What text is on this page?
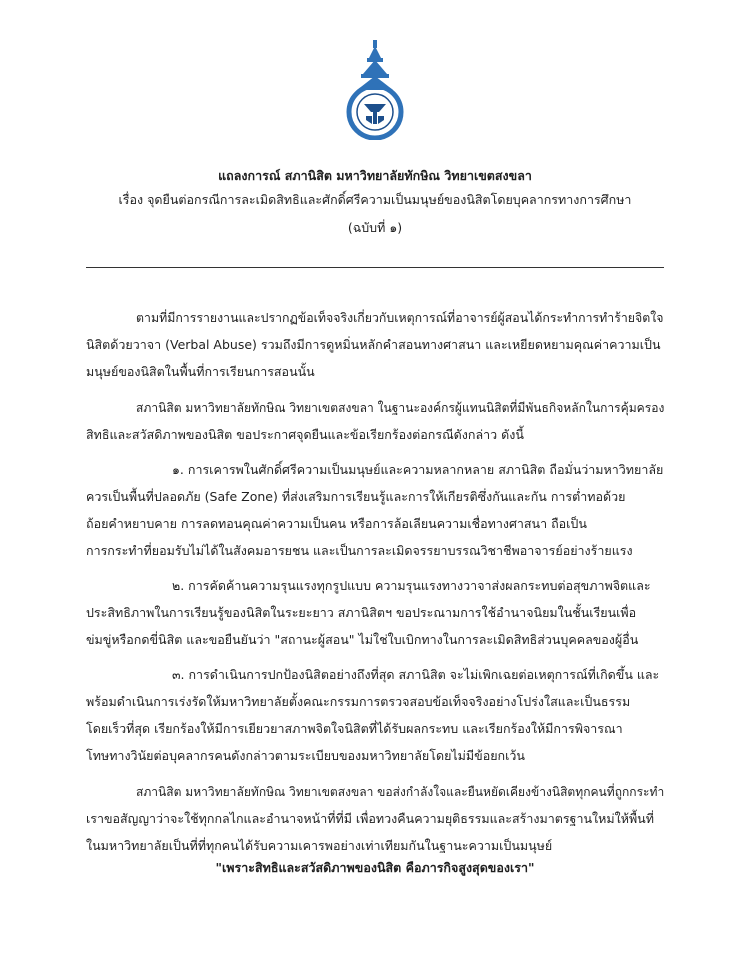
แถลงการณ์ สภานิสิต มหาวิทยาลัยทักษิณ วิทยาเขตสงขลา
เรื่อง จุดยืนต่อกรณีการละเมิดสิทธิและศักดิ์ศรีความเป็นมนุษย์ของนิสิตโดยบุคลากรทางการศึกษา
(ฉบับที่ ๑)
ตามที่มีการรายงานและปรากฏข้อเท็จจริงเกี่ยวกับเหตุการณ์ที่อาจารย์ผู้สอนได้กระทำการทำร้ายจิตใจ
นิสิตด้วยวาจา (Verbal Abuse) รวมถึงมีการดูหมิ่นหลักคำสอนทางศาสนา และเหยียดหยามคุณค่าความเป็น
มนุษย์ของนิสิตในพื้นที่การเรียนการสอนนั้น
สภานิสิต มหาวิทยาลัยทักษิณ วิทยาเขตสงขลา ในฐานะองค์กรผู้แทนนิสิตที่มีพันธกิจหลักในการคุ้มครอง
สิทธิและสวัสดิภาพของนิสิต ขอประกาศจุดยืนและข้อเรียกร้องต่อกรณีดังกล่าว ดังนี้
๑. การเคารพในศักดิ์ศรีความเป็นมนุษย์และความหลากหลาย สภานิสิต ถือมั่นว่ามหาวิทยาลัย
ควรเป็นพื้นที่ปลอดภัย (Safe Zone) ที่ส่งเสริมการเรียนรู้และการให้เกียรติซึ่งกันและกัน การต่ำทอด้วย
ถ้อยคำหยาบคาย การลดทอนคุณค่าความเป็นคน หรือการล้อเลียนความเชื่อทางศาสนา ถือเป็น
การกระทำที่ยอมรับไม่ได้ในสังคมอารยชน และเป็นการละเมิดจรรยาบรรณวิชาชีพอาจารย์อย่างร้ายแรง
๒. การคัดค้านความรุนแรงทุกรูปแบบ ความรุนแรงทางวาจาส่งผลกระทบต่อสุขภาพจิตและ
ประสิทธิภาพในการเรียนรู้ของนิสิตในระยะยาว สภานิสิตฯ ขอประณามการใช้อำนาจนิยมในชั้นเรียนเพื่อ
ข่มขู่หรือกดขี่นิสิต และขอยืนยันว่า "สถานะผู้สอน" ไม่ใช่ใบเบิกทางในการละเมิดสิทธิส่วนบุคคลของผู้อื่น
๓. การดำเนินการปกป้องนิสิตอย่างถึงที่สุด สภานิสิต จะไม่เพิกเฉยต่อเหตุการณ์ที่เกิดขึ้น และ
พร้อมดำเนินการเร่งรัดให้มหาวิทยาลัยตั้งคณะกรรมการตรวจสอบข้อเท็จจริงอย่างโปร่งใสและเป็นธรรม
โดยเร็วที่สุด เรียกร้องให้มีการเยียวยาสภาพจิตใจนิสิตที่ได้รับผลกระทบ และเรียกร้องให้มีการพิจารณา
โทษทางวินัยต่อบุคลากรคนดังกล่าวตามระเบียบของมหาวิทยาลัยโดยไม่มีข้อยกเว้น
สภานิสิต มหาวิทยาลัยทักษิณ วิทยาเขตสงขลา ขอส่งกำลังใจและยืนหยัดเคียงข้างนิสิตทุกคนที่ถูกกระทำ
เราขอสัญญาว่าจะใช้ทุกกลไกและอำนาจหน้าที่ที่มี เพื่อทวงคืนความยุติธรรมและสร้างมาตรฐานใหม่ให้พื้นที่
ในมหาวิทยาลัยเป็นที่ที่ทุกคนได้รับความเคารพอย่างเท่าเทียมกันในฐานะความเป็นมนุษย์
"เพราะสิทธิและสวัสดิภาพของนิสิต คือภารกิจสูงสุดของเรา"
